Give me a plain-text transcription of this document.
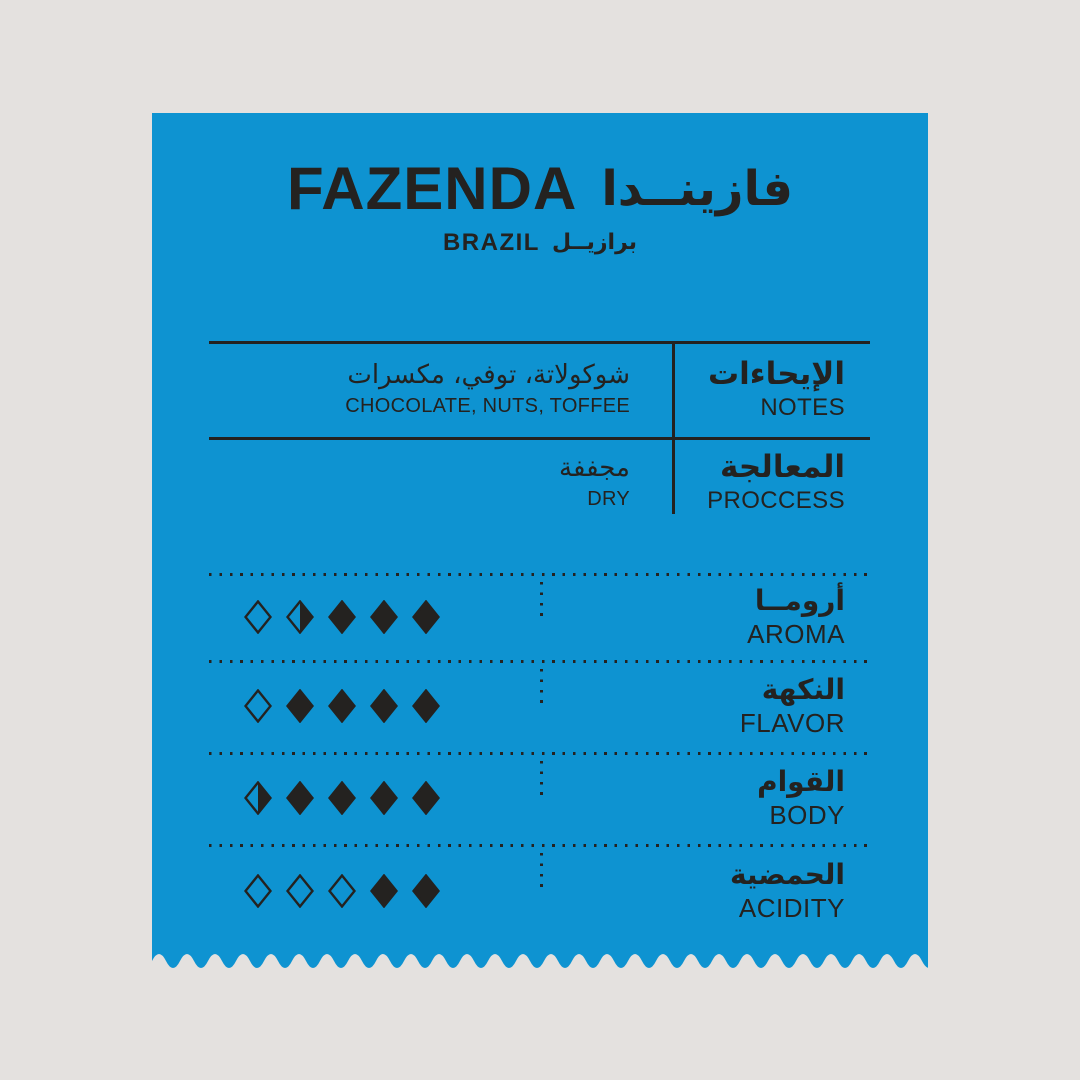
FAZENDA فازينــدا
BRAZIL برازيــل
شوكولاتة، توفي، مكسرات
CHOCOLATE, NUTS, TOFFEE
الإيحاءات
NOTES
مجففة
DRY
المعالجة
PROCCESS
أرومــا
AROMA
النكهة
FLAVOR
القوام
BODY
الحمضية
ACIDITY
